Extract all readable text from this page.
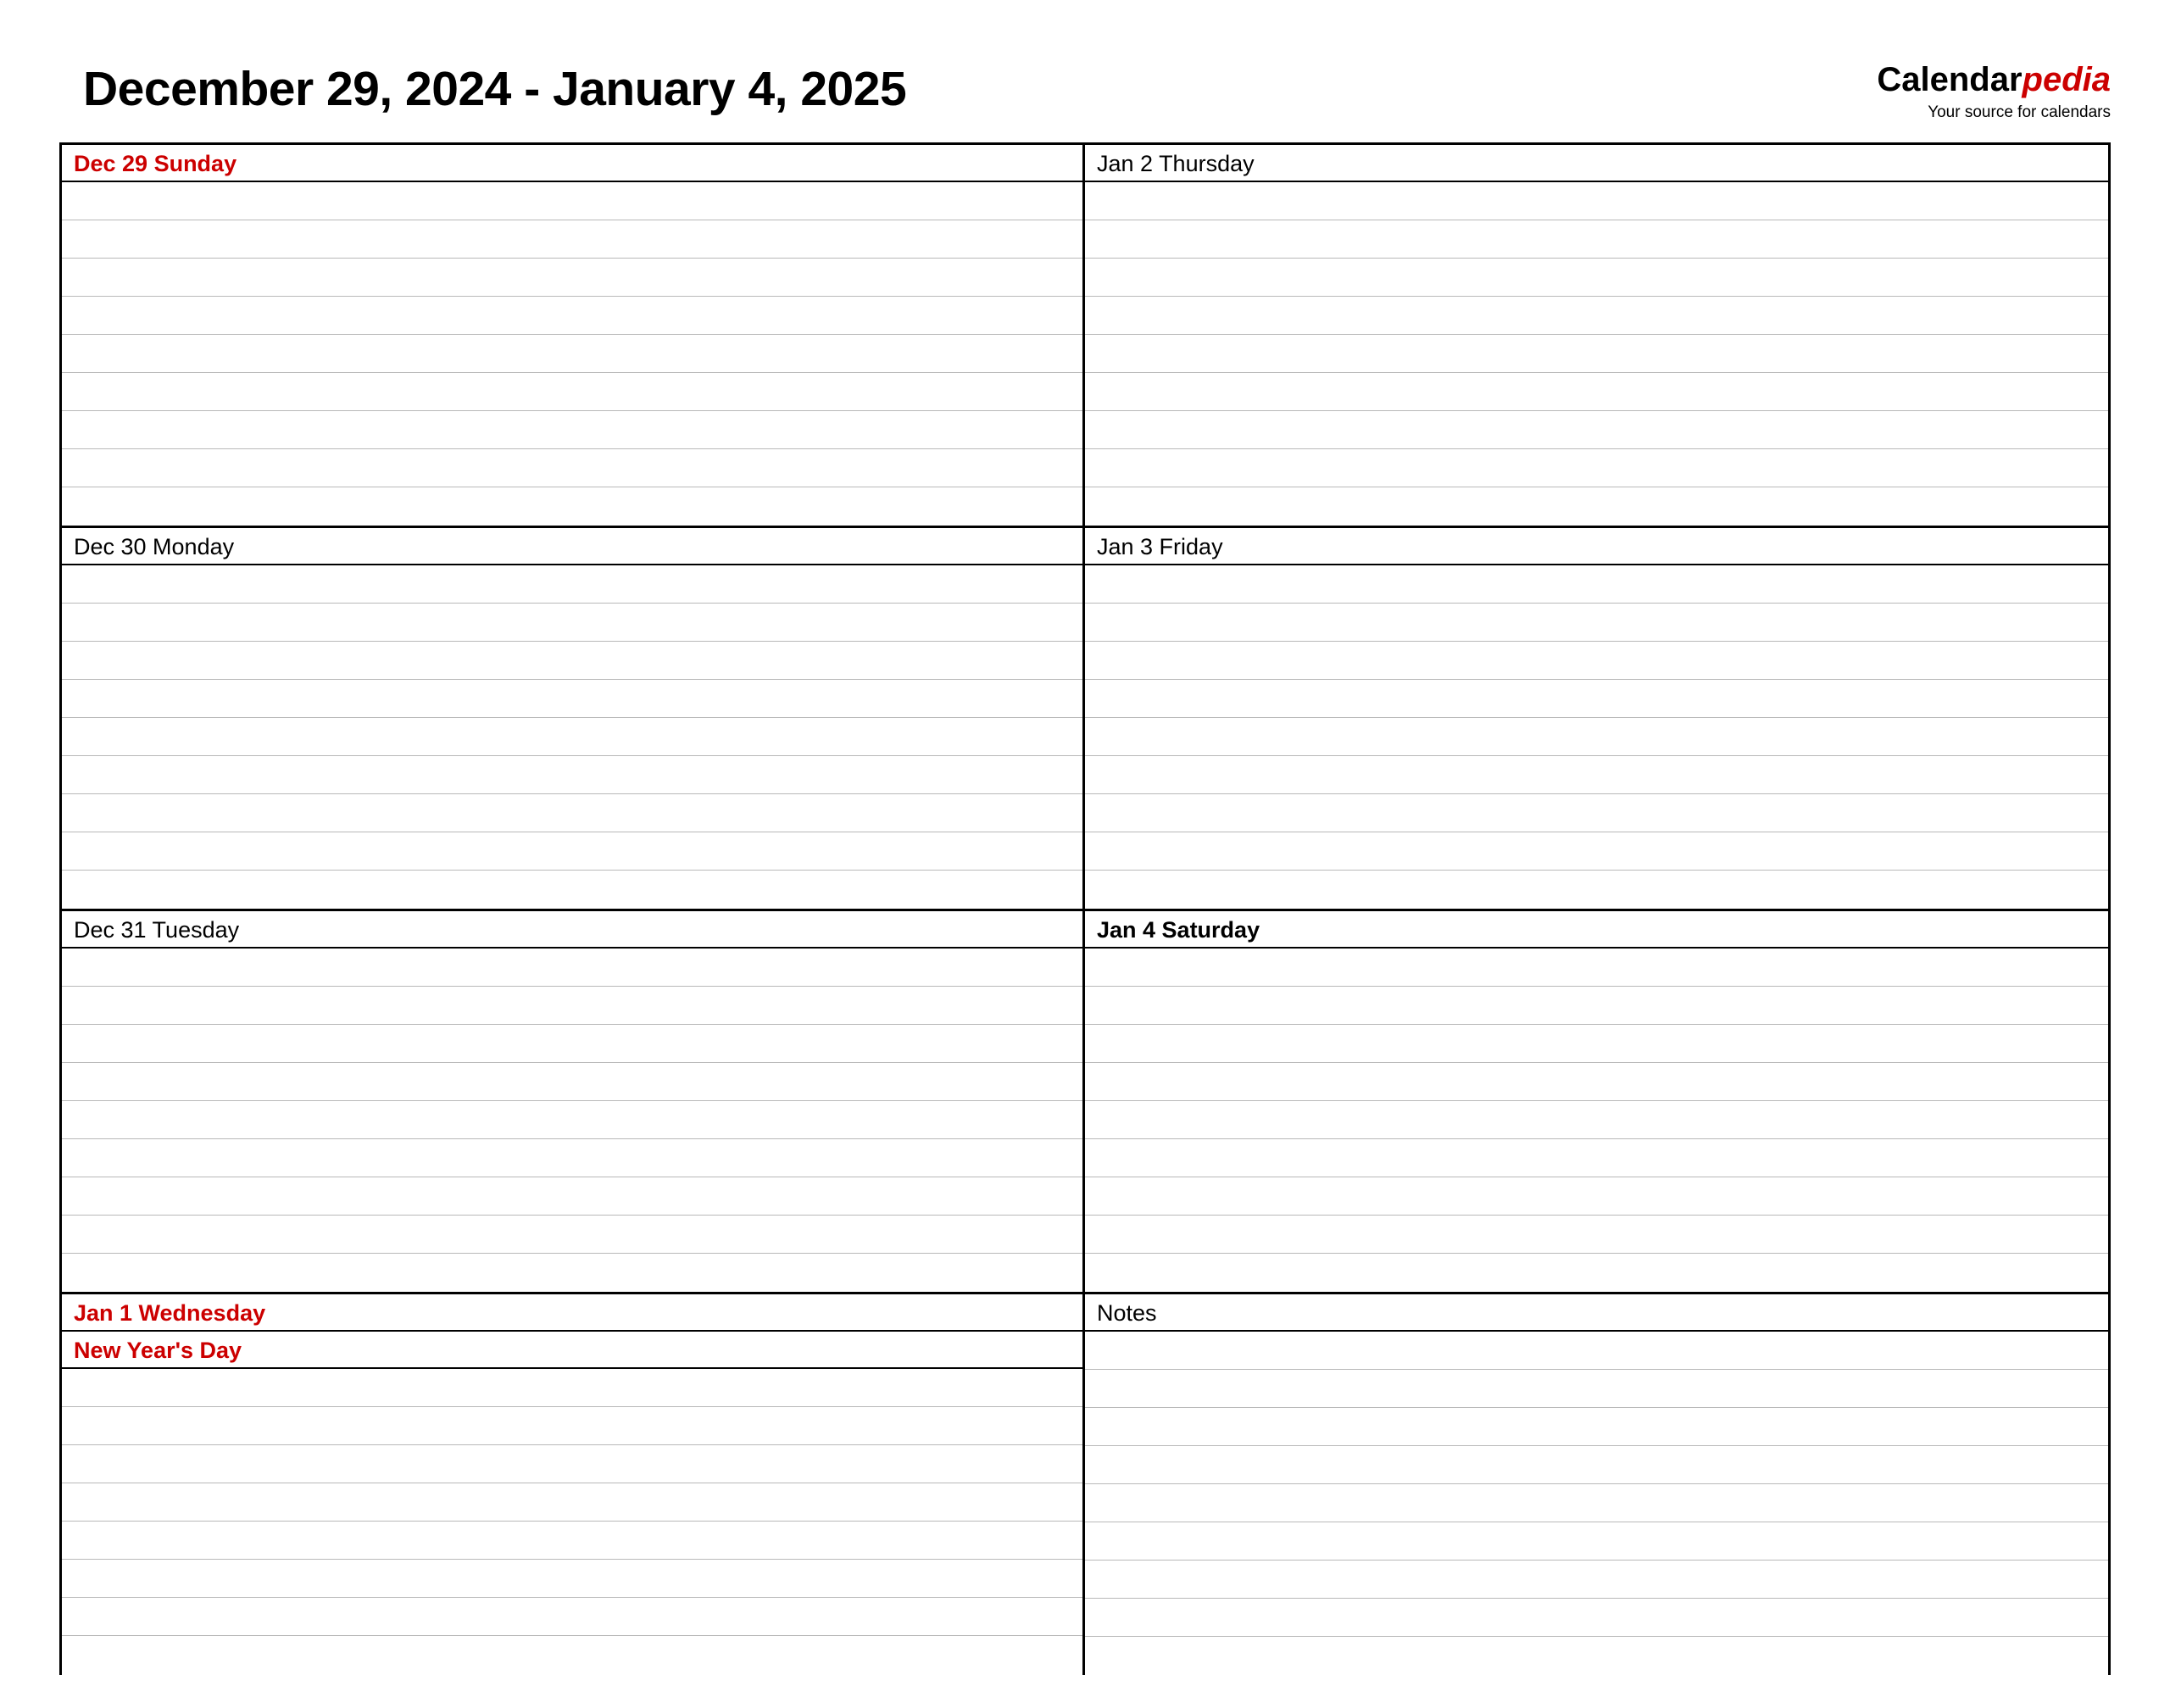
December 29, 2024 - January 4, 2025	Calendarpedia
Your source for calendars
Dec 29 Sunday
Dec 30 Monday
Dec 31 Tuesday
Jan 1 Wednesday
New Year's Day
Jan 2 Thursday
Jan 3 Friday
Jan 4 Saturday
Notes
